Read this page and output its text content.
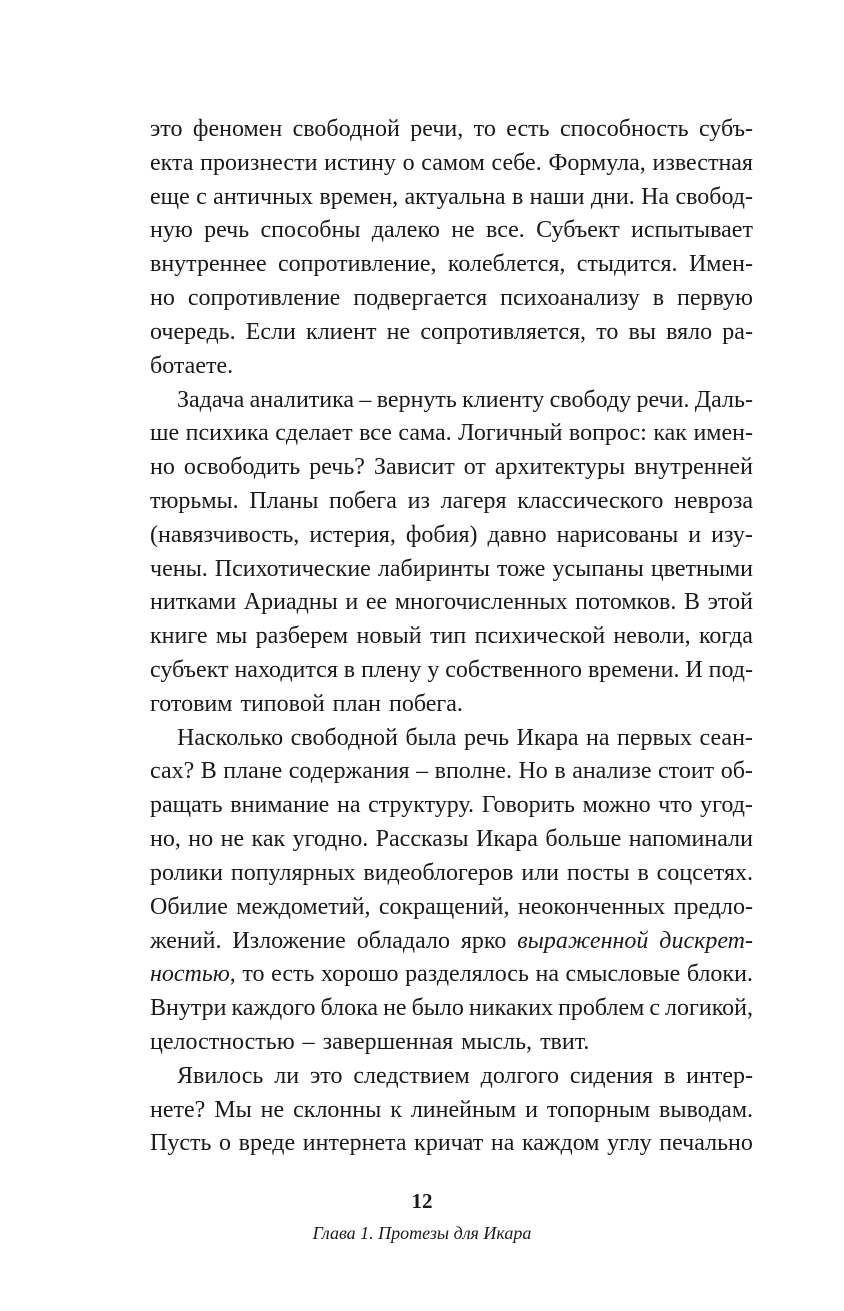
это феномен свободной речи, то есть способность субъ-
екта произнести истину о самом себе. Формула, известная
еще с античных времен, актуальна в наши дни. На свобод-
ную речь способны далеко не все. Субъект испытывает
внутреннее сопротивление, колеблется, стыдится. Имен-
но сопротивление подвергается психоанализу в первую
очередь. Если клиент не сопротивляется, то вы вяло ра-
ботаете.
Задача аналитика – вернуть клиенту свободу речи. Даль-
ше психика сделает все сама. Логичный вопрос: как имен-
но освободить речь? Зависит от архитектуры внутренней
тюрьмы. Планы побега из лагеря классического невроза
(навязчивость, истерия, фобия) давно нарисованы и изу-
чены. Психотические лабиринты тоже усыпаны цветными
нитками Ариадны и ее многочисленных потомков. В этой
книге мы разберем новый тип психической неволи, когда
субъект находится в плену у собственного времени. И под-
готовим типовой план побега.
Насколько свободной была речь Икара на первых сеан-
сах? В плане содержания – вполне. Но в анализе стоит об-
ращать внимание на структуру. Говорить можно что угод-
но, но не как угодно. Рассказы Икара больше напоминали
ролики популярных видеоблогеров или посты в соцсетях.
Обилие междометий, сокращений, неоконченных предло-
жений. Изложение обладало ярко выраженной дискрет-
ностью, то есть хорошо разделялось на смысловые блоки.
Внутри каждого блока не было никаких проблем с логикой,
целостностью – завершенная мысль, твит.
Явилось ли это следствием долгого сидения в интер-
нете? Мы не склонны к линейным и топорным выводам.
Пусть о вреде интернета кричат на каждом углу печально
12
Глава 1. Протезы для Икара
